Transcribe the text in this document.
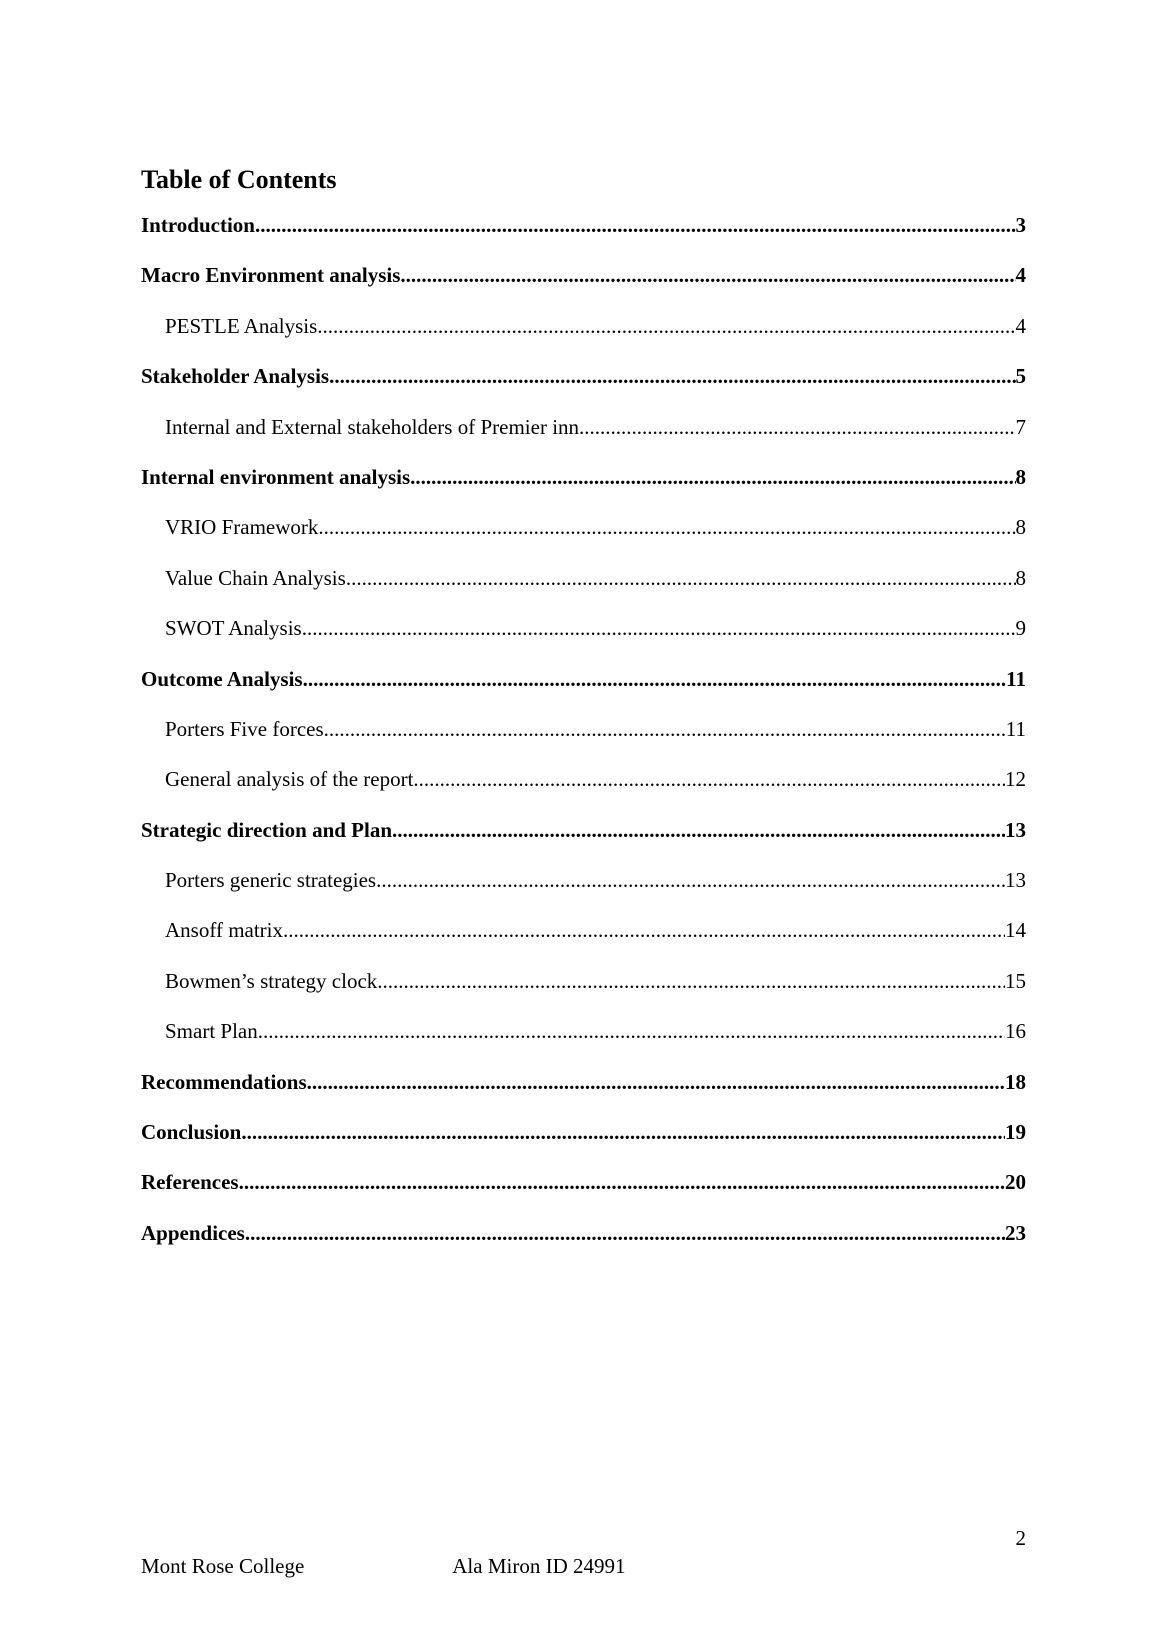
Table of Contents
Introduction .....	3
Macro Environment analysis .....	4
PESTLE Analysis .....	4
Stakeholder Analysis .....	5
Internal and External stakeholders of Premier inn .....	7
Internal environment analysis .....	8
VRIO Framework .....	8
Value Chain Analysis .....	8
SWOT Analysis .....	9
Outcome Analysis .....	11
Porters Five forces .....	11
General analysis of the report .....	12
Strategic direction and Plan .....	13
Porters generic strategies .....	13
Ansoff matrix .....	14
Bowmen’s strategy clock .....	15
Smart Plan .....	16
Recommendations .....	18
Conclusion .....	19
References .....	20
Appendices .....	23
2
Mont Rose College	Ala Miron ID 24991
